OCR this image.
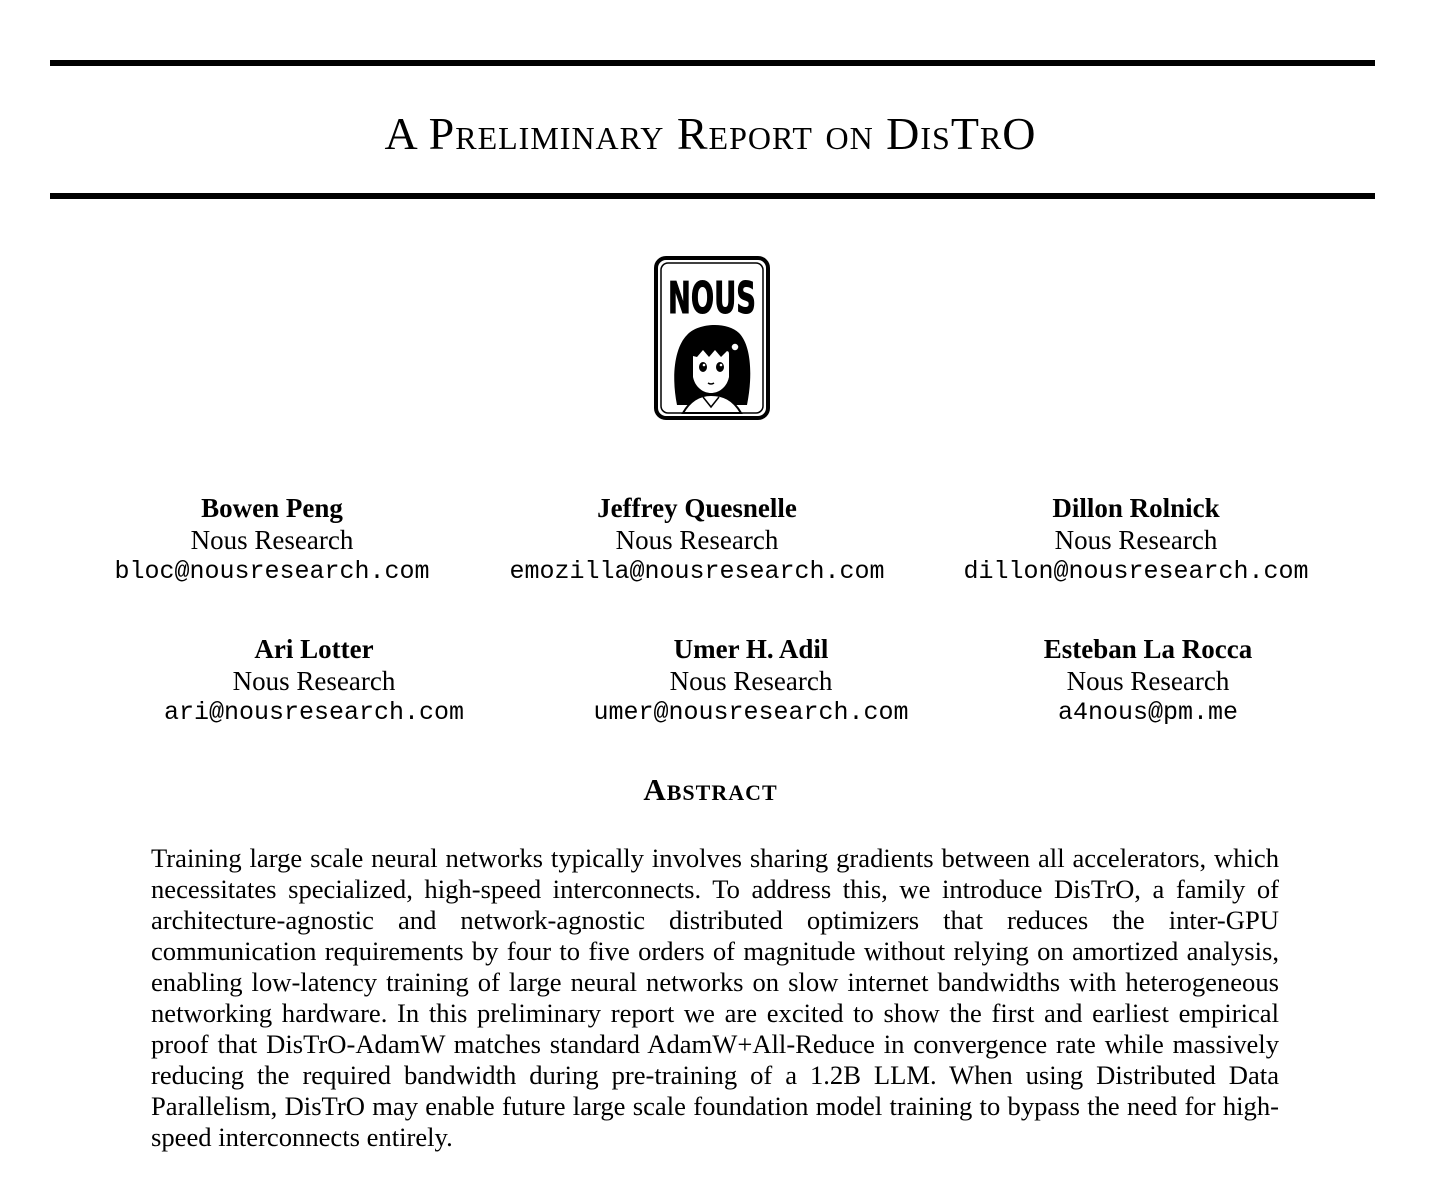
A Preliminary Report on DisTrO
NOUS
Bowen Peng
Nous Research
bloc@nousresearch.com
Jeffrey Quesnelle
Nous Research
emozilla@nousresearch.com
Dillon Rolnick
Nous Research
dillon@nousresearch.com
Ari Lotter
Nous Research
ari@nousresearch.com
Umer H. Adil
Nous Research
umer@nousresearch.com
Esteban La Rocca
Nous Research
a4nous@pm.me
Abstract

Training large scale neural networks typically involves sharing gradients between all accelerators, which necessitates specialized, high-speed interconnects. To address this, we introduce DisTrO, a family of architecture-agnostic and network-agnostic distributed optimizers that reduces the inter-GPU communication requirements by four to five orders of magnitude without relying on amortized analysis, enabling low-latency training of large neural networks on slow internet bandwidths with heterogeneous networking hardware. In this preliminary report we are excited to show the first and earliest empirical proof that DisTrO-AdamW matches standard AdamW+All-Reduce in convergence rate while massively reducing the required bandwidth during pre-training of a 1.2B LLM. When using Distributed Data Parallelism, DisTrO may enable future large scale foundation model training to bypass the need for high-speed interconnects entirely.
